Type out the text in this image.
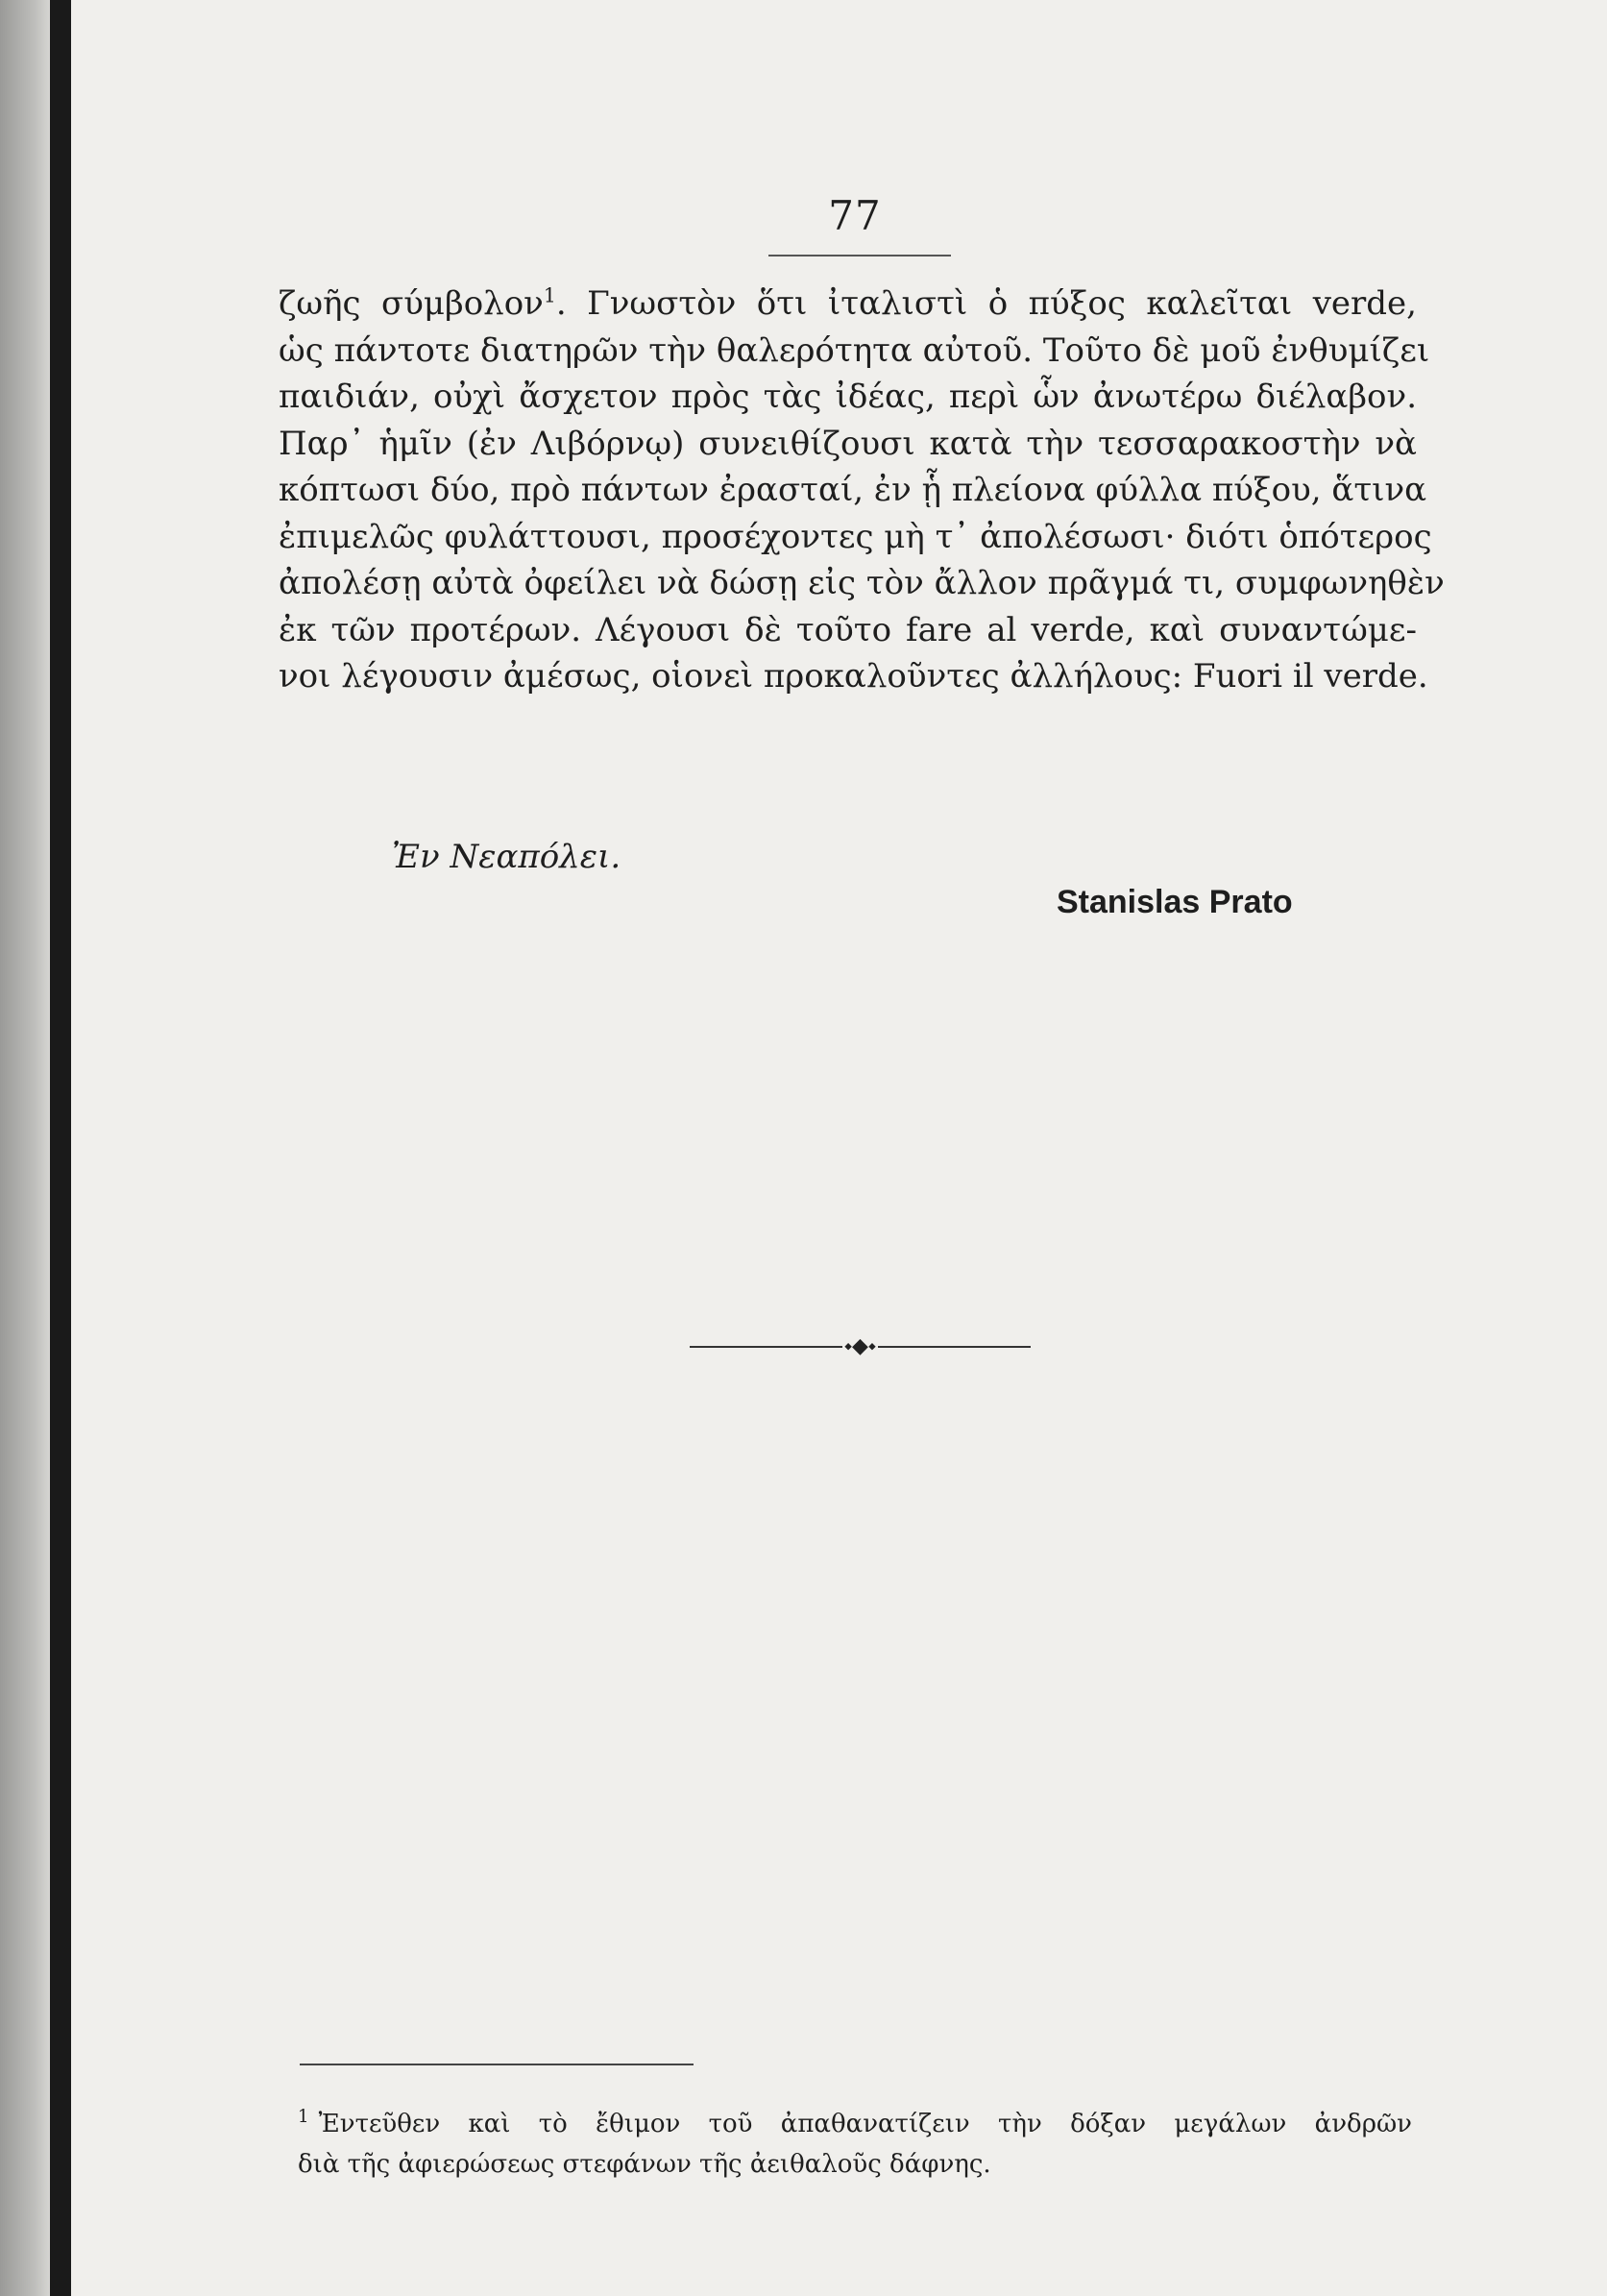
77
ζωῆς σύμβολον$^1$. Γνωστὸν ὅτι ἰταλιστὶ ὁ πύξος καλεῖται verde,
ὡς πάντοτε διατηρῶν τὴν θαλερότητα αὐτοῦ. Τοῦτο δὲ μοῦ ἐνθυμίζει
παιδιάν, οὐχὶ ἄσχετον πρὸς τὰς ἰδέας, περὶ ὧν ἀνωτέρω διέλαβον.
Παρ᾽ ἡμῖν (ἐν Λιβόρνῳ) συνειθίζουσι κατὰ τὴν τεσσαρακοστὴν νὰ
κόπτωσι δύο, πρὸ πάντων ἐρασταί, ἐν ᾗ πλείονα φύλλα πύξου, ἅτινα
ἐπιμελῶς φυλάττουσι, προσέχοντες μὴ τ᾽ ἀπολέσωσι· διότι ὁπότερος
ἀπολέσῃ αὐτὰ ὀφείλει νὰ δώσῃ εἰς τὸν ἄλλον πρᾶγμά τι, συμφωνηθὲν
ἐκ τῶν προτέρων. Λέγουσι δὲ τοῦτο fare al verde, καὶ συναντώμε-
νοι λέγουσιν ἀμέσως, οἱονεὶ προκαλοῦντες ἀλλήλους: Fuori il verde.
Ἐν Νεαπόλει.
Stanislas Prato
⬩◆⬩
$^1$ Ἐντεῦθεν καὶ τὸ ἔθιμον τοῦ ἀπαθανατίζειν τὴν δόξαν μεγάλων ἀνδρῶν
διὰ τῆς ἀφιερώσεως στεφάνων τῆς ἀειθαλοῦς δάφνης.
